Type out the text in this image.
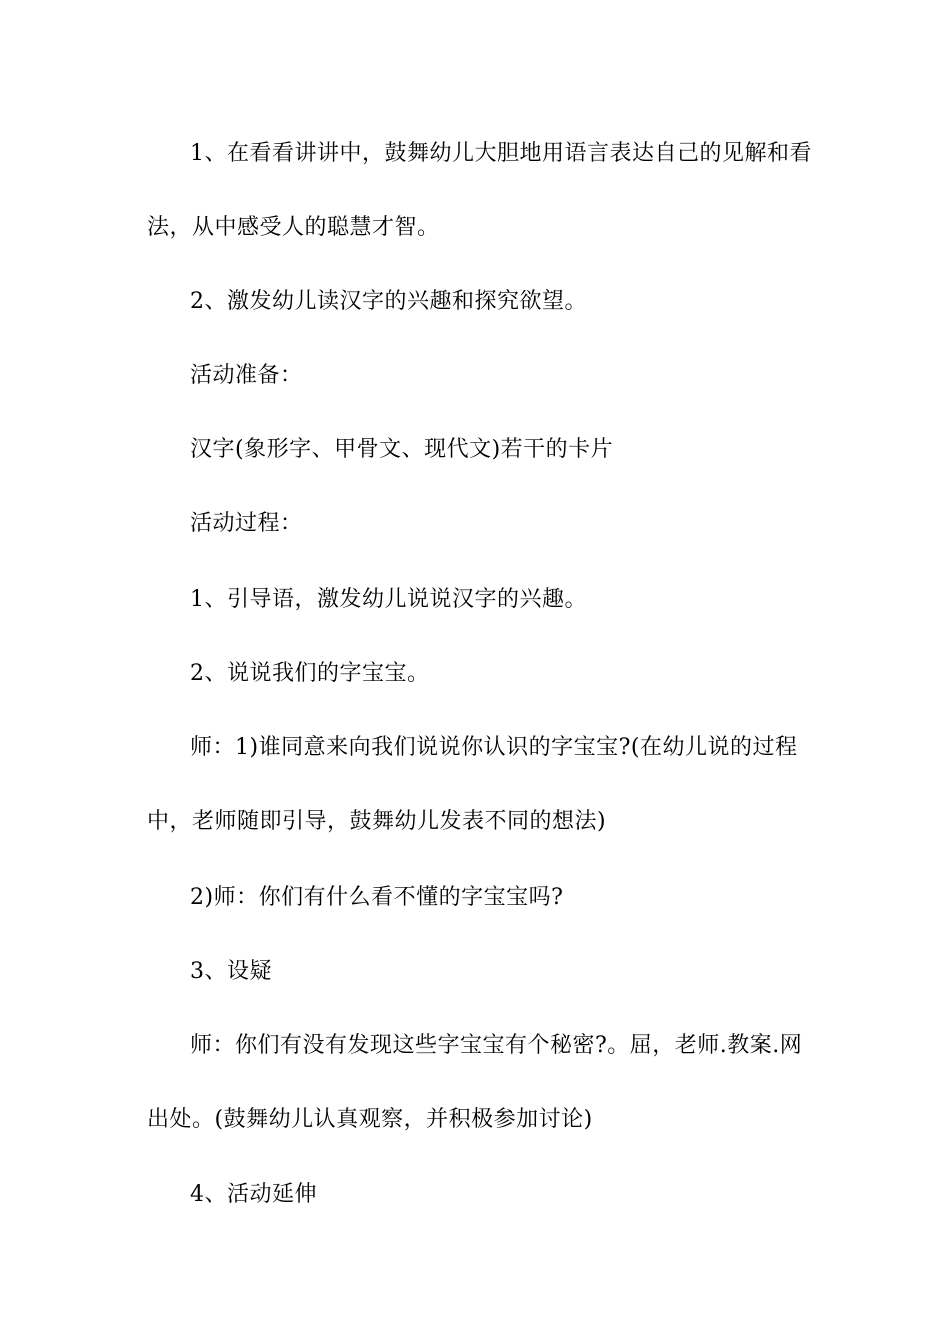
1、在看看讲讲中，鼓舞幼儿大胆地用语言表达自己的见解和看
法，从中感受人的聪慧才智。
2、激发幼儿读汉字的兴趣和探究欲望。
活动准备：
汉字(象形字、甲骨文、现代文)若干的卡片
活动过程：
1、引导语，激发幼儿说说汉字的兴趣。
2、说说我们的字宝宝。
师：1)谁同意来向我们说说你认识的字宝宝?(在幼儿说的过程
中，老师随即引导，鼓舞幼儿发表不同的想法)
2)师：你们有什么看不懂的字宝宝吗?
3、设疑
师：你们有没有发现这些字宝宝有个秘密?。屈，老师.教案.网
出处。(鼓舞幼儿认真观察，并积极参加讨论)
4、活动延伸
